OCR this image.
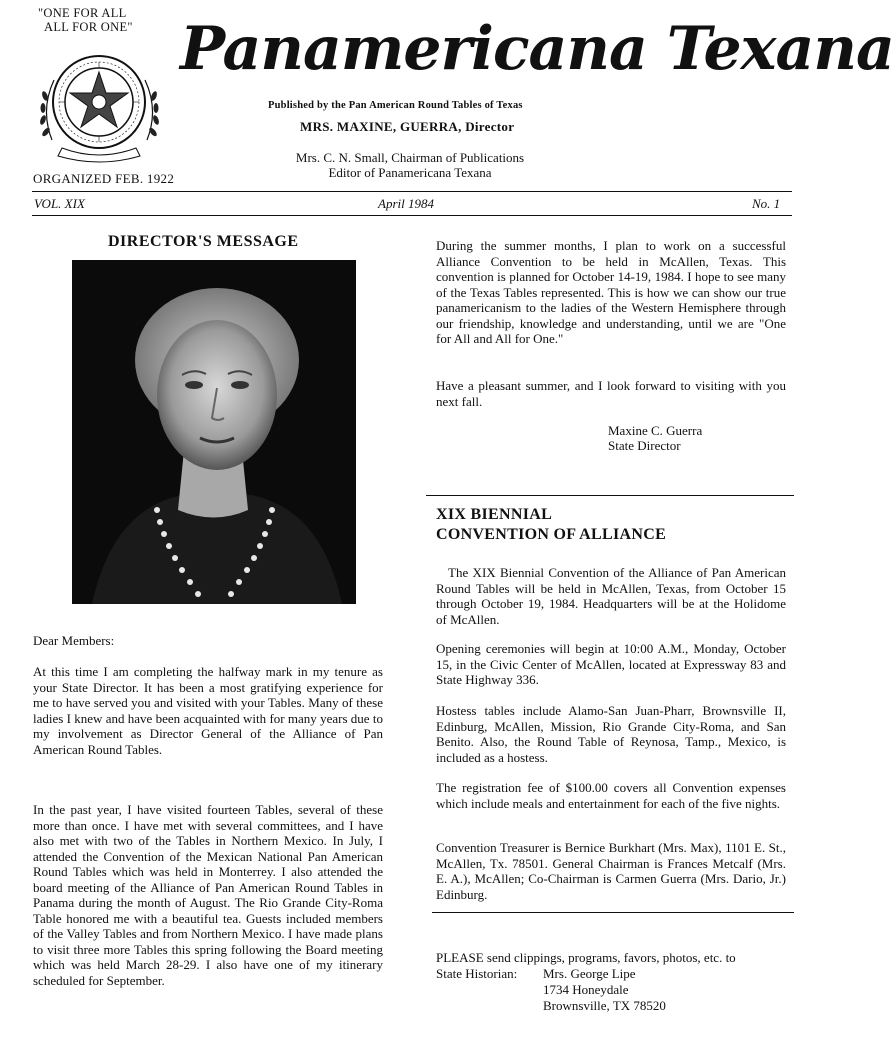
"ONE FOR ALL
ALL FOR ONE"
ORGANIZED FEB. 1922
Panamericana Texana
Published by the Pan American Round Tables of Texas
MRS. MAXINE, GUERRA, Director
Mrs. C. N. Small, Chairman of Publications
Editor of Panamericana Texana
VOL. XIX	April 1984	No. 1
DIRECTOR'S MESSAGE
Dear Members:
At this time I am completing the halfway mark in my tenure as your State Director. It has been a most gratifying experience for me to have served you and visited with your Tables. Many of these ladies I knew and have been acquainted with for many years due to my involvement as Director General of the Alliance of Pan American Round Tables.
In the past year, I have visited fourteen Tables, several of these more than once. I have met with several committees, and I have also met with two of the Tables in Northern Mexico. In July, I attended the Convention of the Mexican National Pan American Round Tables which was held in Monterrey. I also attended the board meeting of the Alliance of Pan American Round Tables in Panama during the month of August. The Rio Grande City-Roma Table honored me with a beautiful tea. Guests included members of the Valley Tables and from Northern Mexico. I have made plans to visit three more Tables this spring following the Board meeting which was held March 28-29. I also have one of my itinerary scheduled for September.
During the summer months, I plan to work on a successful Alliance Convention to be held in McAllen, Texas. This convention is planned for October 14-19, 1984. I hope to see many of the Texas Tables represented. This is how we can show our true panamericanism to the ladies of the Western Hemisphere through our friendship, knowledge and understanding, until we are "One for All and All for One."
Have a pleasant summer, and I look forward to visiting with you next fall.
Maxine C. Guerra
State Director
XIX BIENNIAL
CONVENTION OF ALLIANCE
The XIX Biennial Convention of the Alliance of Pan American Round Tables will be held in McAllen, Texas, from October 15 through October 19, 1984. Headquarters will be at the Holidome of McAllen.
Opening ceremonies will begin at 10:00 A.M., Monday, October 15, in the Civic Center of McAllen, located at Expressway 83 and State Highway 336.
Hostess tables include Alamo-San Juan-Pharr, Brownsville II, Edinburg, McAllen, Mission, Rio Grande City-Roma, and San Benito. Also, the Round Table of Reynosa, Tamp., Mexico, is included as a hostess.
The registration fee of $100.00 covers all Convention expenses which include meals and entertainment for each of the five nights.
Convention Treasurer is Bernice Burkhart (Mrs. Max), 1101 E. St., McAllen, Tx. 78501. General Chairman is Frances Metcalf (Mrs. E. A.), McAllen; Co-Chairman is Carmen Guerra (Mrs. Dario, Jr.) Edinburg.
PLEASE send clippings, programs, favors, photos, etc. to
State Historian:	Mrs. George Lipe
1734 Honeydale
Brownsville, TX 78520
